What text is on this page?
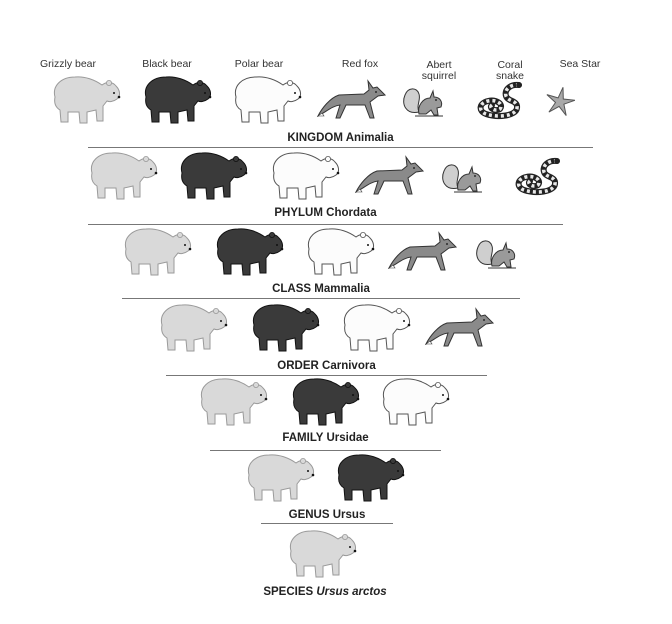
Grizzly bear	Black bear	Polar bear	Red fox	Abert
squirrel
Coral
snake
Sea Star
KINGDOM Animalia
PHYLUM Chordata
CLASS Mammalia
ORDER Carnivora
FAMILY Ursidae
GENUS Ursus
SPECIES Ursus arctos
